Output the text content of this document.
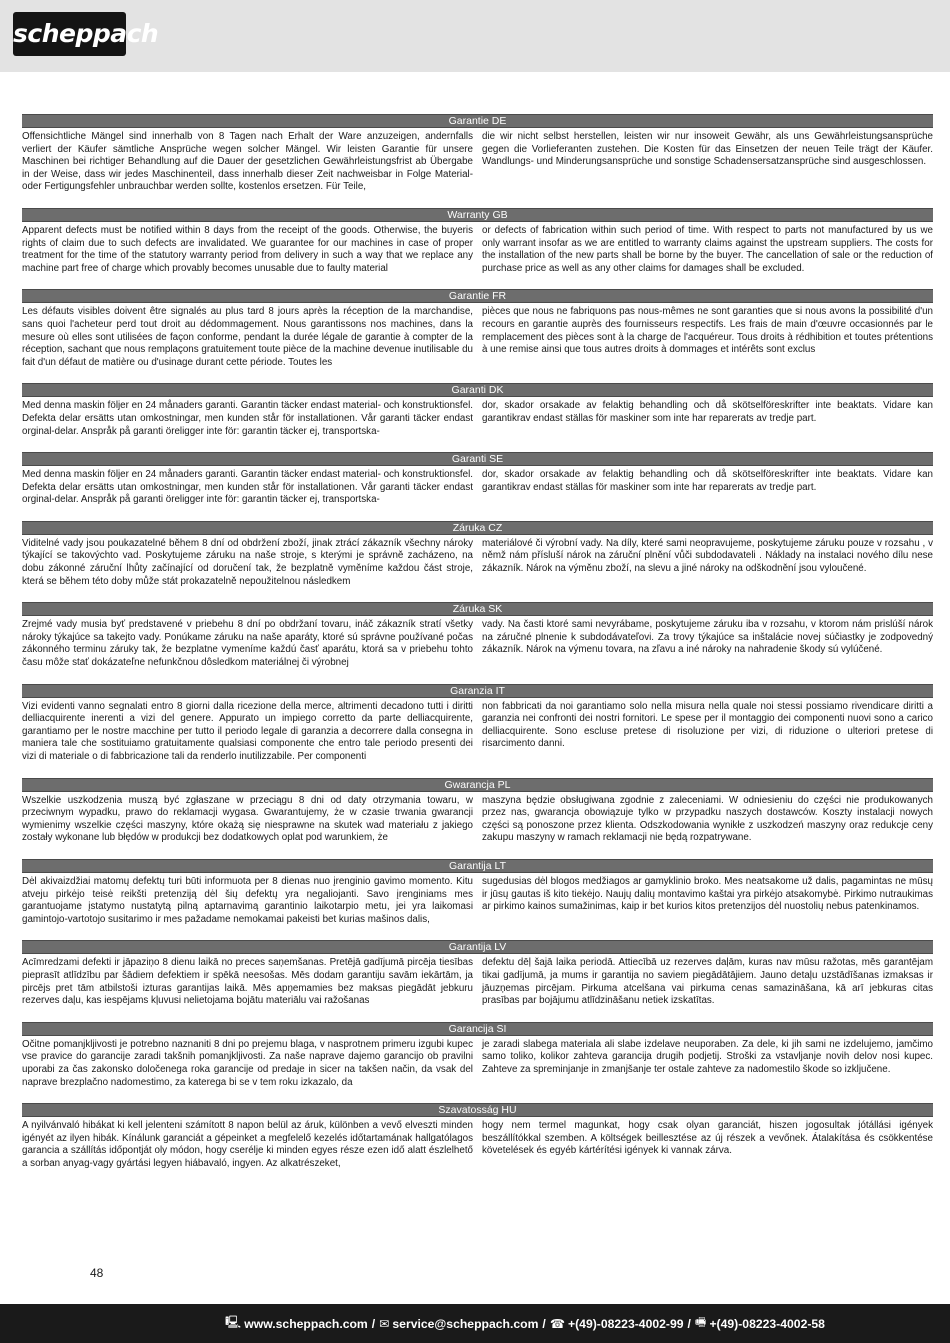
scheppach
Garantie DE
Offensichtliche Mängel sind innerhalb von 8 Tagen nach Erhalt der Ware anzuzeigen, andernfalls verliert der Käufer sämtliche Ansprüche wegen solcher Mängel. Wir leisten Garantie für unsere Maschinen bei richtiger Behandlung auf die Dauer der gesetzlichen Gewährleistungsfrist ab Übergabe in der Weise, dass wir jedes Maschinenteil, dass innerhalb dieser Zeit nachweisbar in Folge Material- oder Fertigungsfehler unbrauchbar werden sollte, kostenlos ersetzen. Für Teile,
die wir nicht selbst herstellen, leisten wir nur insoweit Gewähr, als uns Gewährleistungsansprüche gegen die Vorlieferanten zustehen. Die Kosten für das Einsetzen der neuen Teile trägt der Käufer. Wandlungs- und Minderungsansprüche und sonstige Schadensersatzansprüche sind ausgeschlossen.
Warranty GB
Apparent defects must be notified within 8 days from the receipt of the goods. Otherwise, the buyeris rights of claim due to such defects are invalidated. We guarantee for our machines in case of proper treatment for the time of the statutory warranty period from delivery in such a way that we replace any machine part free of charge which provably becomes unusable due to faulty material
or defects of fabrication within such period of time. With respect to parts not manufactured by us we only warrant insofar as we are entitled to warranty claims against the upstream suppliers. The costs for the installation of the new parts shall be borne by the buyer. The cancellation of sale or the reduction of purchase price as well as any other claims for damages shall be excluded.
Garantie FR
Les défauts visibles doivent être signalés au plus tard 8 jours après la réception de la marchandise, sans quoi l'acheteur perd tout droit au dédommagement. Nous garantissons nos machines, dans la mesure où elles sont utilisées de façon conforme, pendant la durée légale de garantie à compter de la réception, sachant que nous remplaçons gratuitement toute pièce de la machine devenue inutilisable du fait d'un défaut de matière ou d'usinage durant cette période. Toutes les
pièces que nous ne fabriquons pas nous-mêmes ne sont garanties que si nous avons la possibilité d'un recours en garantie auprès des fournisseurs respectifs. Les frais de main d'œuvre occasionnés par le remplacement des pièces sont à la charge de l'acquéreur. Tous droits à rédhibition et toutes prétentions à une remise ainsi que tous autres droits à dommages et intérêts sont exclus
Garanti DK
Med denna maskin följer en 24 månaders garanti. Garantin täcker endast material- och konstruktionsfel. Defekta delar ersätts utan omkostningar, men kunden står för installationen. Vår garanti täcker endast orginal-delar. Anspråk på garanti öreligger inte för: garantin täcker ej, transportska-
dor, skador orsakade av felaktig behandling och då skötselföreskrifter inte beaktats. Vidare kan garantikrav endast ställas för maskiner som inte har reparerats av tredje part.
Garanti SE
Med denna maskin följer en 24 månaders garanti. Garantin täcker endast material- och konstruktionsfel. Defekta delar ersätts utan omkostningar, men kunden står för installationen. Vår garanti täcker endast orginal-delar. Anspråk på garanti öreligger inte för: garantin täcker ej, transportska-
dor, skador orsakade av felaktig behandling och då skötselföreskrifter inte beaktats. Vidare kan garantikrav endast ställas för maskiner som inte har reparerats av tredje part.
Záruka CZ
Viditelné vady jsou poukazatelné během 8 dní od obdržení zboží, jinak ztrácí zákazník všechny nároky týkající se takovýchto vad. Poskytujeme záruku na naše stroje, s kterými je správně zacházeno, na dobu zákonné záruční lhůty začínající od doručení tak, že bezplatně vyměníme každou část stroje, která se během této doby může stát prokazatelně nepoužitelnou následkem
materiálové či výrobní vady. Na díly, které sami neopravujeme, poskytujeme záruku pouze v rozsahu , v němž nám přísluší nárok na záruční plnění vůči subdodavateli . Náklady na instalaci nového dílu nese zákazník. Nárok na výměnu zboží, na slevu a jiné nároky na odškodnění jsou vyloučené.
Záruka SK
Zrejmé vady musia byť predstavené v priebehu 8 dní po obdržaní tovaru, ináč zákazník stratí všetky nároky týkajúce sa takejto vady. Ponúkame záruku na naše aparáty, ktoré sú správne používané počas zákonného terminu záruky tak, že bezplatne vymeníme každú časť aparátu, ktorá sa v priebehu tohto času môže stať dokázateľne nefunkčnou dôsledkom materiálnej či výrobnej
vady. Na časti ktoré sami nevyrábame, poskytujeme záruku iba v rozsahu, v ktorom nám prislúší nárok na záručné plnenie k subdodávateľovi. Za trovy týkajúce sa inštalácie novej súčiastky je zodpovedný zákazník. Nárok na výmenu tovara, na zľavu a iné nároky na nahradenie škody sú vylúčené.
Garanzia IT
Vizi evidenti vanno segnalati entro 8 giorni dalla ricezione della merce, altrimenti decadono tutti i diritti delliacquirente inerenti a vizi del genere. Appurato un impiego corretto da parte delliacquirente, garantiamo per le nostre macchine per tutto il periodo legale di garanzia a decorrere dalla consegna in maniera tale che sostituiamo gratuitamente qualsiasi componente che entro tale periodo presenti dei vizi di materiale o di fabbricazione tali da renderlo inutilizzabile. Per componenti
non fabbricati da noi garantiamo solo nella misura nella quale noi stessi possiamo rivendicare diritti a garanzia nei confronti dei nostri fornitori. Le spese per il montaggio dei componenti nuovi sono a carico delliacquirente. Sono escluse pretese di risoluzione per vizi, di riduzione o ulteriori pretese di risarcimento danni.
Gwarancja PL
Wszelkie uszkodzenia muszą być zgłaszane w przeciągu 8 dni od daty otrzymania towaru, w przeciwnym wypadku, prawo do reklamacji wygasa. Gwarantujemy, że w czasie trwania gwarancji wymienimy wszelkie części maszyny, które okażą się niesprawne na skutek wad materiału z jakiego zostały wykonane lub błędów w produkcji bez dodatkowych oplat pod warunkiem, że
maszyna będzie obsługiwana zgodnie z zaleceniami. W odniesieniu do części nie produkowanych przez nas, gwarancja obowiązuje tylko w przypadku naszych dostawców. Koszty instalacji nowych części są ponoszone przez klienta. Odszkodowania wynikłe z uszkodzeń maszyny oraz redukcje ceny zakupu maszyny w ramach reklamacji nie będą rozpatrywane.
Garantija LT
Dėl akivaizdžiai matomų defektų turi būti informuota per 8 dienas nuo įrenginio gavimo momento. Kitu atveju pirkėjo teisė reikšti pretenziją dėl šių defektų yra negaliojanti. Savo įrenginiams mes garantuojame įstatymo nustatytą pilną aptarnavimą garantinio laikotarpio metu, jei yra laikomasi gamintojo-vartotojo susitarimo ir mes pažadame nemokamai pakeisti bet kurias mašinos dalis,
sugedusias dėl blogos medžiagos ar gamyklinio broko. Mes neatsakome už dalis, pagamintas ne mūsų ir jūsų gautas iš kito tiekėjo. Naujų dalių montavimo kaštai yra pirkėjo atsakomybė. Pirkimo nutraukimas ar pirkimo kainos sumažinimas, kaip ir bet kurios kitos pretenzijos dėl nuostolių nebus patenkinamos.
Garantija LV
Acīmredzami defekti ir jāpaziņo 8 dienu laikā no preces saņemšanas. Pretējā gadījumā pircēja tiesības pieprasīt atlīdzību par šādiem defektiem ir spēkā neesošas. Mēs dodam garantiju savām iekārtām, ja pircējs pret tām atbilstoši izturas garantijas laikā. Mēs apņemamies bez maksas piegādāt jebkuru rezerves daļu, kas iespējams kļuvusi nelietojama bojātu materiālu vai ražošanas
defektu dēļ šajā laika periodā. Attiecībā uz rezerves daļām, kuras nav mūsu ražotas, mēs garantējam tikai gadījumā, ja mums ir garantija no saviem piegādātājiem. Jauno detaļu uzstādīšanas izmaksas ir jāuzņemas pircējam. Pirkuma atcelšana vai pirkuma cenas samazināšana, kā arī jebkuras citas prasības par bojājumu atlīdzināšanu netiek izskatītas.
Garancija SI
Očitne pomanjkljivosti je potrebno naznaniti 8 dni po prejemu blaga, v nasprotnem primeru izgubi kupec vse pravice do garancije zaradi takšnih pomanjkljivosti. Za naše naprave dajemo garancijo ob pravilni uporabi za čas zakonsko določenega roka garancije od predaje in sicer na takšen način, da vsak del naprave brezplačno nadomestimo, za katerega bi se v tem roku izkazalo, da
je zaradi slabega materiala ali slabe izdelave neuporaben. Za dele, ki jih sami ne izdelujemo, jamčimo samo toliko, kolikor zahteva garancija drugih podjetij. Stroški za vstavljanje novih delov nosi kupec. Zahteve za spreminjanje in zmanjšanje ter ostale zahteve za nadomestilo škode so izključene.
Szavatosság HU
A nyilvánvaló hibákat ki kell jelenteni számított 8 napon belül az áruk, különben a vevő elveszti minden igényét az ilyen hibák. Kínálunk garanciát a gépeinket a megfelelő kezelés időtartamának hallgatólagos garancia a szállítás időpontját oly módon, hogy cserélje ki minden egyes része ezen idő alatt észlelhető a sorban anyag-vagy gyártási legyen hiábavaló, ingyen. Az alkatrészeket,
hogy nem termel magunkat, hogy csak olyan garanciát, hiszen jogosultak jótállási igények beszállítókkal szemben. A költségek beillesztése az új részek a vevőnek. Átalakítása és csökkentése követelések és egyéb kártérítési igények ki vannak zárva.
48
🖳 www.scheppach.com / ✉ service@scheppach.com / ☎ +(49)-08223-4002-99 / 🖷 +(49)-08223-4002-58
